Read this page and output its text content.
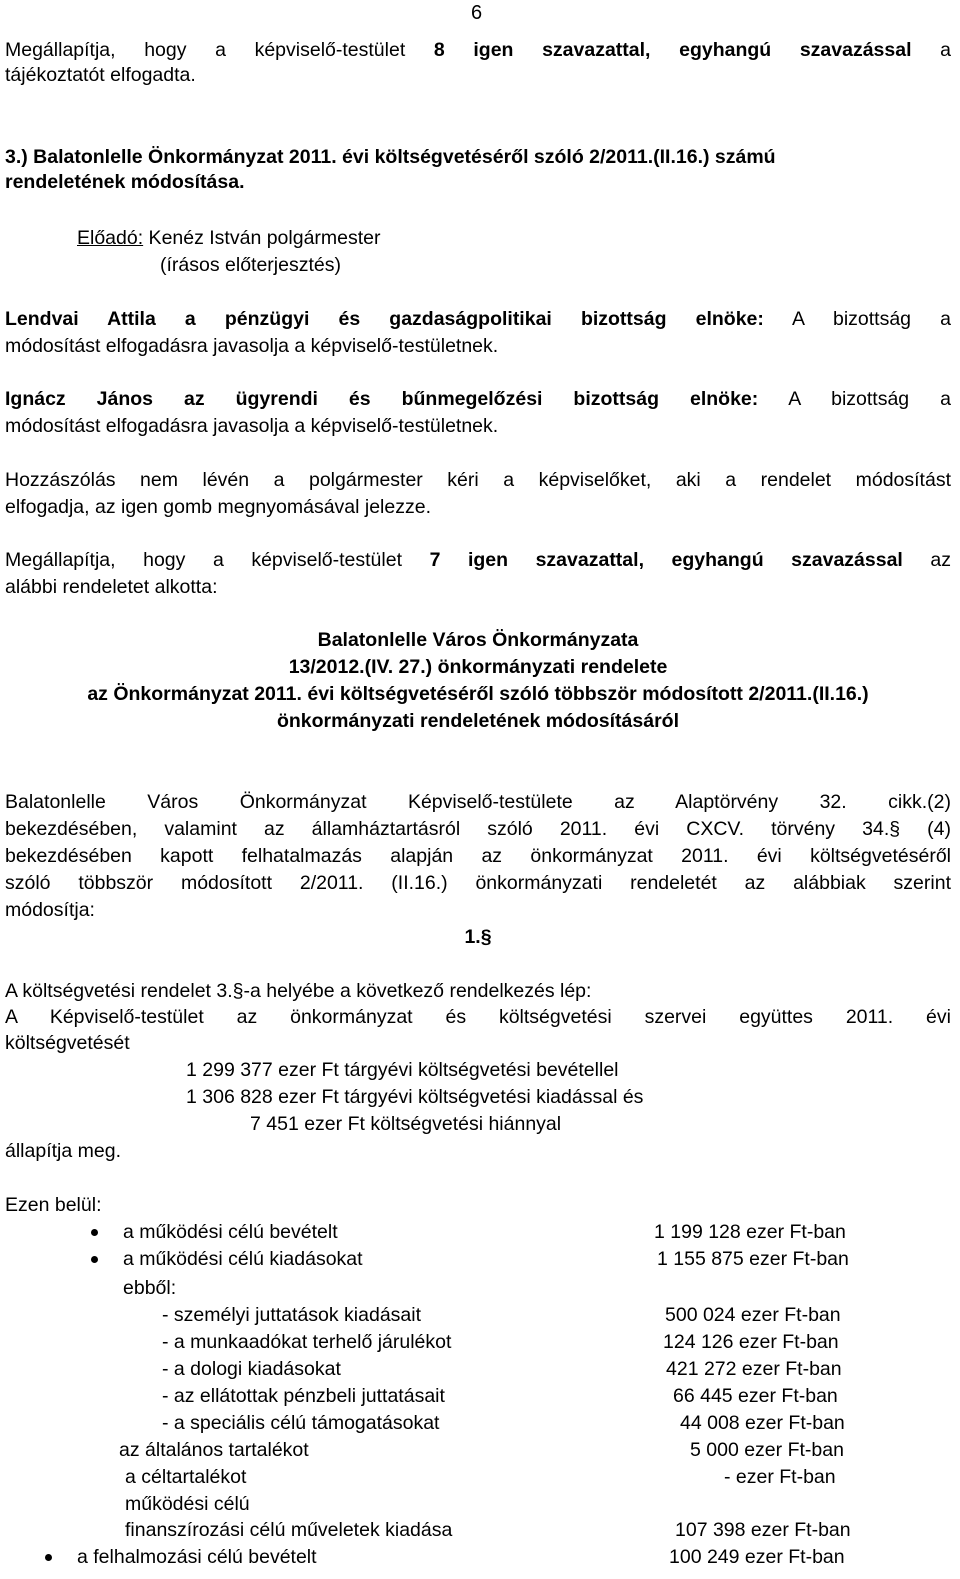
6
Megállapítja, hogy a képviselő-testület 8 igen szavazattal, egyhangú szavazással a
tájékoztatót elfogadta.
3.) Balatonlelle Önkormányzat 2011. évi költségvetéséről szóló 2/2011.(II.16.) számú
rendeletének módosítása.
Előadó: Kenéz István polgármester
(írásos előterjesztés)
Lendvai Attila a pénzügyi és gazdaságpolitikai bizottság elnöke: A bizottság a
módosítást elfogadásra javasolja a képviselő-testületnek.
Ignácz János az ügyrendi és bűnmegelőzési bizottság elnöke: A bizottság a
módosítást elfogadásra javasolja a képviselő-testületnek.
Hozzászólás nem lévén a polgármester kéri a képviselőket, aki a rendelet módosítást
elfogadja, az igen gomb megnyomásával jelezze.
Megállapítja, hogy a képviselő-testület 7 igen szavazattal, egyhangú szavazással az
alábbi rendeletet alkotta:
Balatonlelle Város Önkormányzata
13/2012.(IV. 27.) önkormányzati rendelete
az Önkormányzat 2011. évi költségvetéséről szóló többször módosított 2/2011.(II.16.)
önkormányzati rendeletének módosításáról
Balatonlelle Város Önkormányzat Képviselő-testülete az Alaptörvény 32. cikk.(2)
bekezdésében, valamint az államháztartásról szóló 2011. évi CXCV. törvény 34.§ (4)
bekezdésében kapott felhatalmazás alapján az önkormányzat 2011. évi költségvetéséről
szóló többször módosított 2/2011. (II.16.) önkormányzati rendeletét az alábbiak szerint
módosítja:
1.§
A költségvetési rendelet 3.§-a helyébe a következő rendelkezés lép:
A Képviselő-testület az önkormányzat és költségvetési szervei együttes 2011. évi
költségvetését
1 299 377 ezer Ft tárgyévi költségvetési bevétellel
1 306 828 ezer Ft tárgyévi költségvetési kiadással és
7 451 ezer Ft költségvetési hiánnyal
állapítja meg.
Ezen belül:
a működési célú bevételt	1 199 128 ezer Ft-ban
a működési célú kiadásokat	1 155 875 ezer Ft-ban
ebből:
- személyi juttatások kiadásait	500 024 ezer Ft-ban
- a munkaadókat terhelő járulékot	124 126 ezer Ft-ban
- a dologi kiadásokat	421 272 ezer Ft-ban
- az ellátottak pénzbeli juttatásait	66 445 ezer Ft-ban
- a speciális célú támogatásokat	44 008 ezer Ft-ban
az általános tartalékot	5 000 ezer Ft-ban
a céltartalékot	- ezer Ft-ban
működési célú
finanszírozási célú műveletek kiadása	107 398 ezer Ft-ban
a felhalmozási célú bevételt	100 249 ezer Ft-ban
